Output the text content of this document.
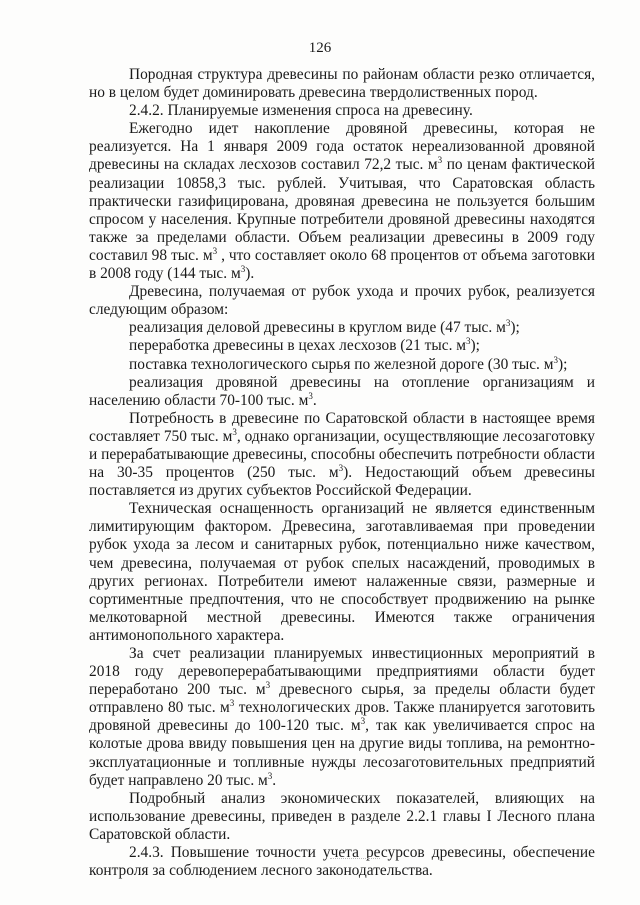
126

Породная структура древесины по районам области резко отличается, но в целом будет доминировать древесина твердолиственных пород.

2.4.2. Планируемые изменения спроса на древесину.

Ежегодно идет накопление дровяной древесины, которая не реализуется. На 1 января 2009 года остаток нереализованной дровяной древесины на складах лесхозов составил 72,2 тыс. $м^3$ по ценам фактической реализации 10858,3 тыс. рублей. Учитывая, что Саратовская область практически газифицирована, дровяная древесина не пользуется большим спросом у населения. Крупные потребители дровяной древесины находятся также за пределами области. Объем реализации древесины в 2009 году составил 98 тыс. $м^3$ , что составляет около 68 процентов от объема заготовки в 2008 году (144 тыс. $м^3$).

Древесина, получаемая от рубок ухода и прочих рубок, реализуется следующим образом:

реализация деловой древесины в круглом виде (47 тыс. $м^3$);

переработка древесины в цехах лесхозов (21 тыс. $м^3$);

поставка технологического сырья по железной дороге (30 тыс. $м^3$);

реализация дровяной древесины на отопление организациям и населению области 70-100 тыс. $м^3$.

Потребность в древесине по Саратовской области в настоящее время составляет 750 тыс. $м^3$, однако организации, осуществляющие лесозаготовку и перерабатывающие древесины, способны обеспечить потребности области на 30-35 процентов (250 тыс. $м^3$). Недостающий объем древесины поставляется из других субъектов Российской Федерации.

Техническая оснащенность организаций не является единственным лимитирующим фактором. Древесина, заготавливаемая при проведении рубок ухода за лесом и санитарных рубок, потенциально ниже качеством, чем древесина, получаемая от рубок спелых насаждений, проводимых в других регионах. Потребители имеют налаженные связи, размерные и сортиментные предпочтения, что не способствует продвижению на рынке мелкотоварной местной древесины. Имеются также ограничения антимонопольного характера.

За счет реализации планируемых инвестиционных мероприятий в 2018 году деревоперерабатывающими предприятиями области будет переработано 200 тыс. $м^3$ древесного сырья, за пределы области будет отправлено 80 тыс. $м^3$ технологических дров. Также планируется заготовить дровяной древесины до 100-120 тыс. $м^3$, так как увеличивается спрос на колотые дрова ввиду повышения цен на другие виды топлива, на ремонтно-эксплуатационные и топливные нужды лесозаготовительных предприятий будет направлено 20 тыс. $м^3$.

Подробный анализ экономических показателей, влияющих на использование древесины, приведен в разделе 2.2.1 главы I Лесного плана Саратовской области.

2.4.3. Повышение точности учета ресурсов древесины, обеспечение контроля за соблюдением лесного законодательства.
